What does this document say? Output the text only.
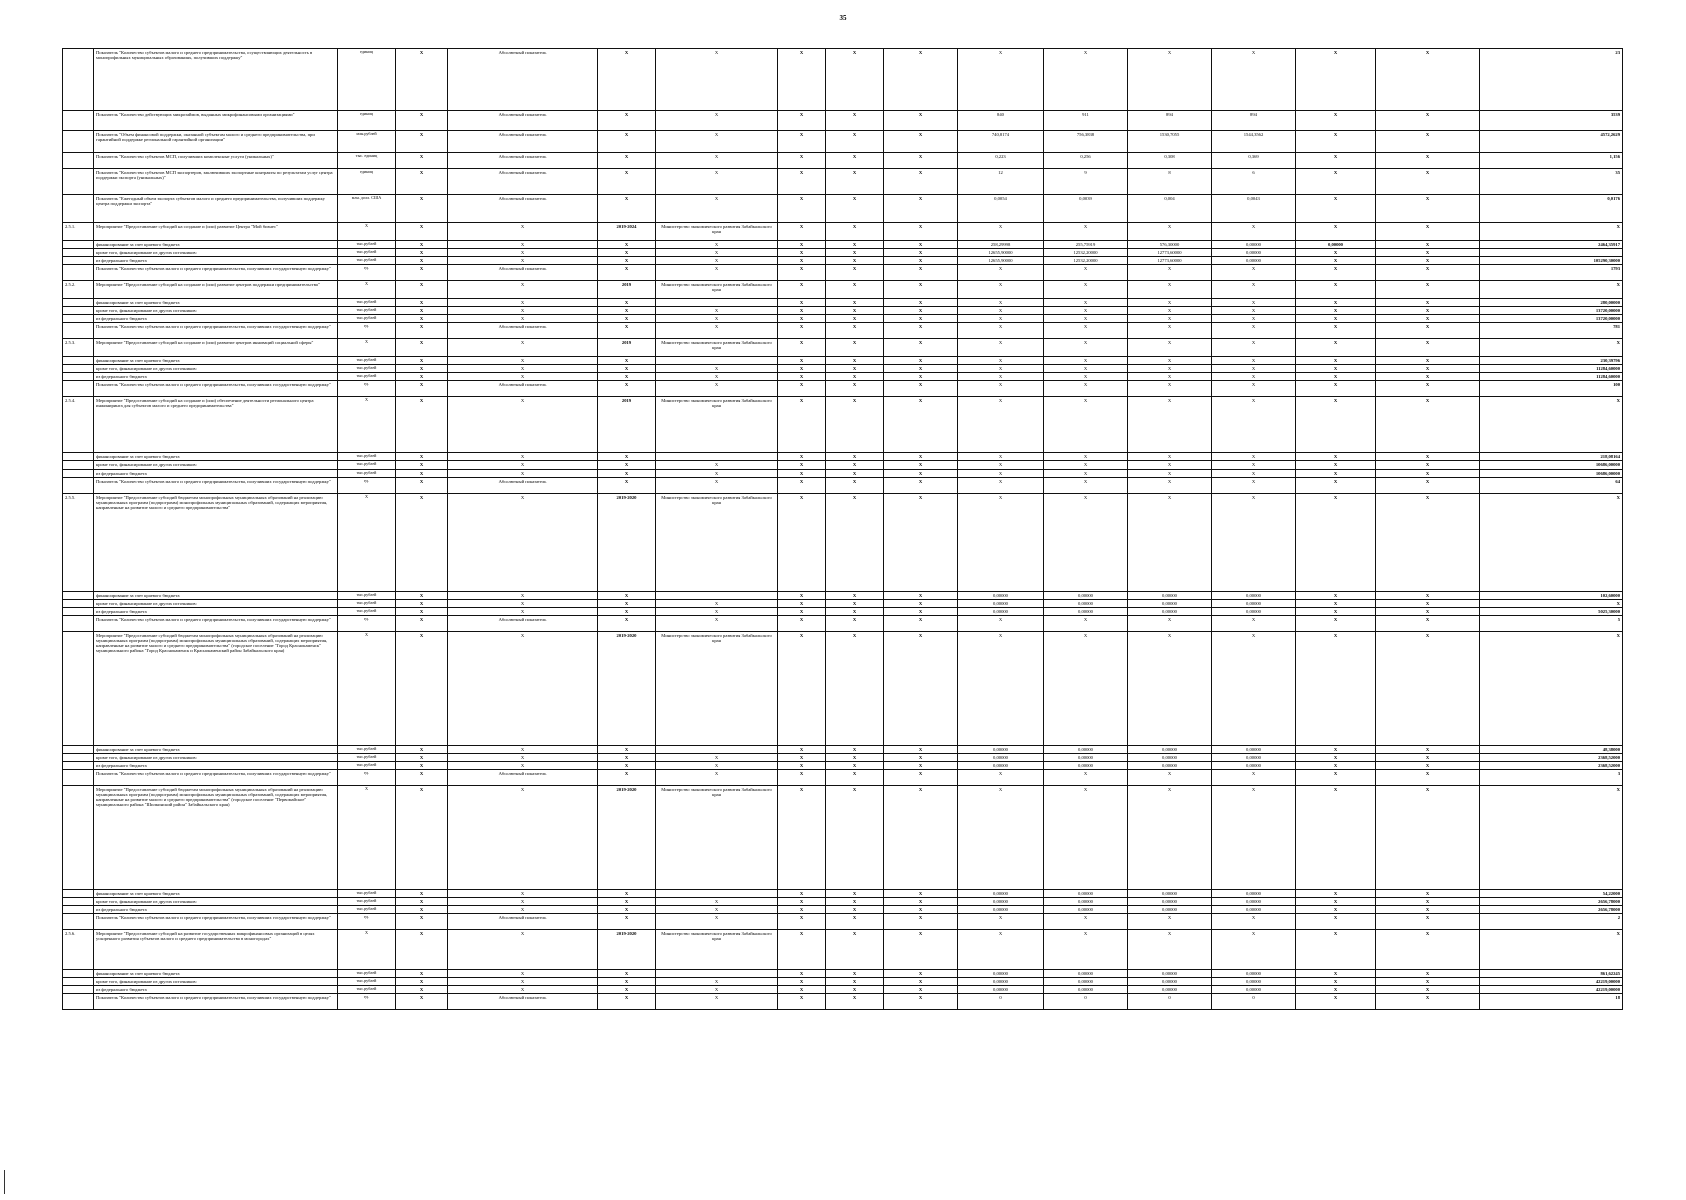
35
	Показатель "Количество субъектов малого и среднего предпринимательства, осуществляющих деятельность в монопрофильных муниципальных образованиях, получивших поддержку"	единиц	X	Абсолютный показатель	X	X	X	X	X	X	X	X	X	X	X	23
	Показатель "Количество действующих микрозаймов, выданных микрофинансовыми организациями"	единиц	X	Абсолютный показатель	X	X	X	X	X	840	911	894	894	X	X	3539
	Показатель "Объем финансовой поддержки, оказанной субъектам малого и среднего предпринимательства, при гарантийной поддержке региональной гарантийной организации"	млн.рублей	X	Абсолютный показатель	X	X	X	X	X	740,8174	756,3838	1530,7055	1544,3562	X	X	4572,2629
	Показатель "Количество субъектов МСП, получивших комплексные услуги (уникальных)"	тыс. единиц	X	Абсолютный показатель	X	X	X	X	X	0,223	0,256	0,308	0,369	X	X	1,156
	Показатель "Количество субъектов МСП экспортеров, заключивших экспортные контракты по результатам услуг центра поддержки экспорта (уникальных)"	единиц	X	Абсолютный показатель	X	X	X	X	X	12	9	8	6	X	X	35
	Показатель "Ежегодный объем экспорта субъектов малого и среднего предпринимательства, получивших поддержку центра поддержки экспорта"	млн. долл. США	X	Абсолютный показатель	X	X	X	X	X	0,0054	0,0039	0,004	0,0043	X	X	0,0176
2.5.1.	Мероприятие "Предоставление субсидий на создание и (или) развитие Центра "Мой бизнес"	X	X	X	2019-2024	Министерство экономического развития Забайкальского края	X	X	X	X	X	X	X	X	X	X
	финансирование за счет краевого бюджета	тыс.рублей	X	X	X	X	X	X	X	258,29998	255,75919	576,30000	0,00000	0,00000	X	2464,35917
	кроме того, финансирование из других источников:	тыс.рублей	X	X	X	X	X	X	X	12655,90000	12532,20000	12773,60000	0,00000	X	X	
	из федерального бюджета	тыс.рублей	X	X	X	X	X	X	X	12655,90000	12532,20000	12773,60000	0,00000	X	X	105290,30000
	Показатель "Количество субъектов малого и среднего предпринимательства, получивших государственную поддержку"	ед.	X	Абсолютный показатель	X	X	X	X	X	X	X	X	X	X	X	1793
2.5.2.	Мероприятие "Предоставление субсидий на создание и (или) развитие центров поддержки предпринимательства"	X	X	X	2019	Министерство экономического развития Забайкальского края	X	X	X	X	X	X	X	X	X	X
	финансирование за счет краевого бюджета	тыс.рублей	X	X	X		X	X	X	X	X	X	X	X	X	280,00000
	кроме того, финансирование из других источников:	тыс.рублей	X	X	X	X	X	X	X	X	X	X	X	X	X	13720,00000
	из федерального бюджета	тыс.рублей	X	X	X	X	X	X	X	X	X	X	X	X	X	13720,00000
	Показатель "Количество субъектов малого и среднего предпринимательства, получивших государственную поддержку"	ед.	X	Абсолютный показатель	X	X	X	X	X	X	X	X	X	X	X	781
2.5.3.	Мероприятие "Предоставление субсидий на создание и (или) развитие центров инноваций социальной сферы"	X	X	X	2019	Министерство экономического развития Забайкальского края	X	X	X	X	X	X	X	X	X	X
	финансирование за счет краевого бюджета	тыс.рублей	X	X	X		X	X	X	X	X	X	X	X	X	230,39796
	кроме того, финансирование из других источников:	тыс.рублей	X	X	X	X	X	X	X	X	X	X	X	X	X	11284,60000
	из федерального бюджета	тыс.рублей	X	X	X	X	X	X	X	X	X	X	X	X	X	11284,60000
	Показатель "Количество субъектов малого и среднего предпринимательства, получивших государственную поддержку"	ед.	X	Абсолютный показатель	X	X	X	X	X	X	X	X	X	X	X	100
2.5.4.	Мероприятие "Предоставление субсидий на создание и (или) обеспечение деятельности регионального центра инжиниринга для субъектов малого и среднего предпринимательства"	X	X	X	2019	Министерство экономического развития Забайкальского края	X	X	X	X	X	X	X	X	X	X
	финансирование за счет краевого бюджета	тыс.рублей	X	X	X		X	X	X	X	X	X	X	X	X	218,08164
	кроме того, финансирование из других источников:	тыс.рублей	X	X	X	X	X	X	X	X	X	X	X	X	X	10686,00000
	из федерального бюджета	тыс.рублей	X	X	X	X	X	X	X	X	X	X	X	X	X	10686,00000
	Показатель "Количество субъектов малого и среднего предпринимательства, получивших государственную поддержку"	ед.	X	Абсолютный показатель	X	X	X	X	X	X	X	X	X	X	X	64
2.5.5.	Мероприятие "Предоставление субсидий бюджетам монопрофильных муниципальных образований на реализацию муниципальных программ (подпрограмм) монопрофильных муниципальных образований, содержащих мероприятия, направленные на развитие малого и среднего предпринимательства"	X	X	X	2019-2020	Министерство экономического развития Забайкальского края	X	X	X	X	X	X	X	X	X	X
	финансирование за счет краевого бюджета	тыс.рублей	X	X	X		X	X	X	0,00000	0,00000	0,00000	0,00000	X	X	102,60000
	кроме того, финансирование из других источников:	тыс.рублей	X	X	X	X	X	X	X	0,00000	0,00000	0,00000	0,00000	X	X	X
	из федерального бюджета	тыс.рублей	X	X	X	X	X	X	X	0,00000	0,00000	0,00000	0,00000	X	X	5025,30000
	Показатель "Количество субъектов малого и среднего предпринимательства, получивших государственную поддержку"	ед.	X	Абсолютный показатель	X	X	X	X	X	X	X	X	X	X	X	5
	Мероприятие "Предоставление субсидий бюджетам монопрофильных муниципальных образований на реализацию муниципальных программ (подпрограмм) монопрофильных муниципальных образований, содержащих мероприятия, направленные на развитие малого и среднего предпринимательства" (городское поселение "Город Краснокаменск" муниципального района "Город Краснокаменск и Краснокаменский район Забайкальского края)	X	X	X	2019-2020	Министерство экономического развития Забайкальского края	X	X	X	X	X	X	X	X	X	X
	финансирование за счет краевого бюджета	тыс.рублей	X	X	X		X	X	X	0,00000	0,00000	0,00000	0,00000	X	X	48,38000
	кроме того, финансирование из других источников:	тыс.рублей	X	X	X	X	X	X	X	0,00000	0,00000	0,00000	0,00000	X	X	2368,52000
	из федерального бюджета	тыс.рублей	X	X	X	X	X	X	X	0,00000	0,00000	0,00000	0,00000	X	X	2368,52000
	Показатель "Количество субъектов малого и среднего предпринимательства, получивших государственную поддержку"	ед.	X	Абсолютный показатель	X	X	X	X	X	X	X	X	X	X	X	3
	Мероприятие "Предоставление субсидий бюджетам монопрофильных муниципальных образований на реализацию муниципальных программ (подпрограмм) монопрофильных муниципальных образований, содержащих мероприятия, направленные на развитие малого и среднего предпринимательства" (городское поселение "Первомайское" муниципального района "Шилкинский район" Забайкальского края)	X	X	X	2019-2020	Министерство экономического развития Забайкальского края	X	X	X	X	X	X	X	X	X	X
	финансирование за счет краевого бюджета	тыс.рублей	X	X	X		X	X	X	0,00000	0,00000	0,00000	0,00000	X	X	54,22000
	кроме того, финансирование из других источников:	тыс.рублей	X	X	X	X	X	X	X	0,00000	0,00000	0,00000	0,00000	X	X	2656,78000
	из федерального бюджета	тыс.рублей	X	X	X	X	X	X	X	0,00000	0,00000	0,00000	0,00000	X	X	2656,78000
	Показатель "Количество субъектов малого и среднего предпринимательства, получивших государственную поддержку"	ед.	X	Абсолютный показатель	X	X	X	X	X	X	X	X	X	X	X	2
2.5.6.	Мероприятие "Предоставление субсидий на развитие государственных микрофинансовых организаций в целях ускоренного развития субъектов малого и среднего предпринимательства в моногородах"	X	X	X	2019-2020	Министерство экономического развития Забайкальского края	X	X	X	X	X	X	X	X	X	X
	финансирование за счет краевого бюджета	тыс.рублей	X	X	X		X	X	X	0,00000	0,00000	0,00000	0,00000	X	X	861,62245
	кроме того, финансирование из других источников:	тыс.рублей	X	X	X	X	X	X	X	0,00000	0,00000	0,00000	0,00000	X	X	42219,00000
	из федерального бюджета	тыс.рублей	X	X	X	X	X	X	X	0,00000	0,00000	0,00000	0,00000	X	X	42219,00000
	Показатель "Количество субъектов малого и среднего предпринимательства, получивших государственную поддержку"	ед.	X	Абсолютный показатель	X	X	X	X	X	0	0	0	0	X	X	18
